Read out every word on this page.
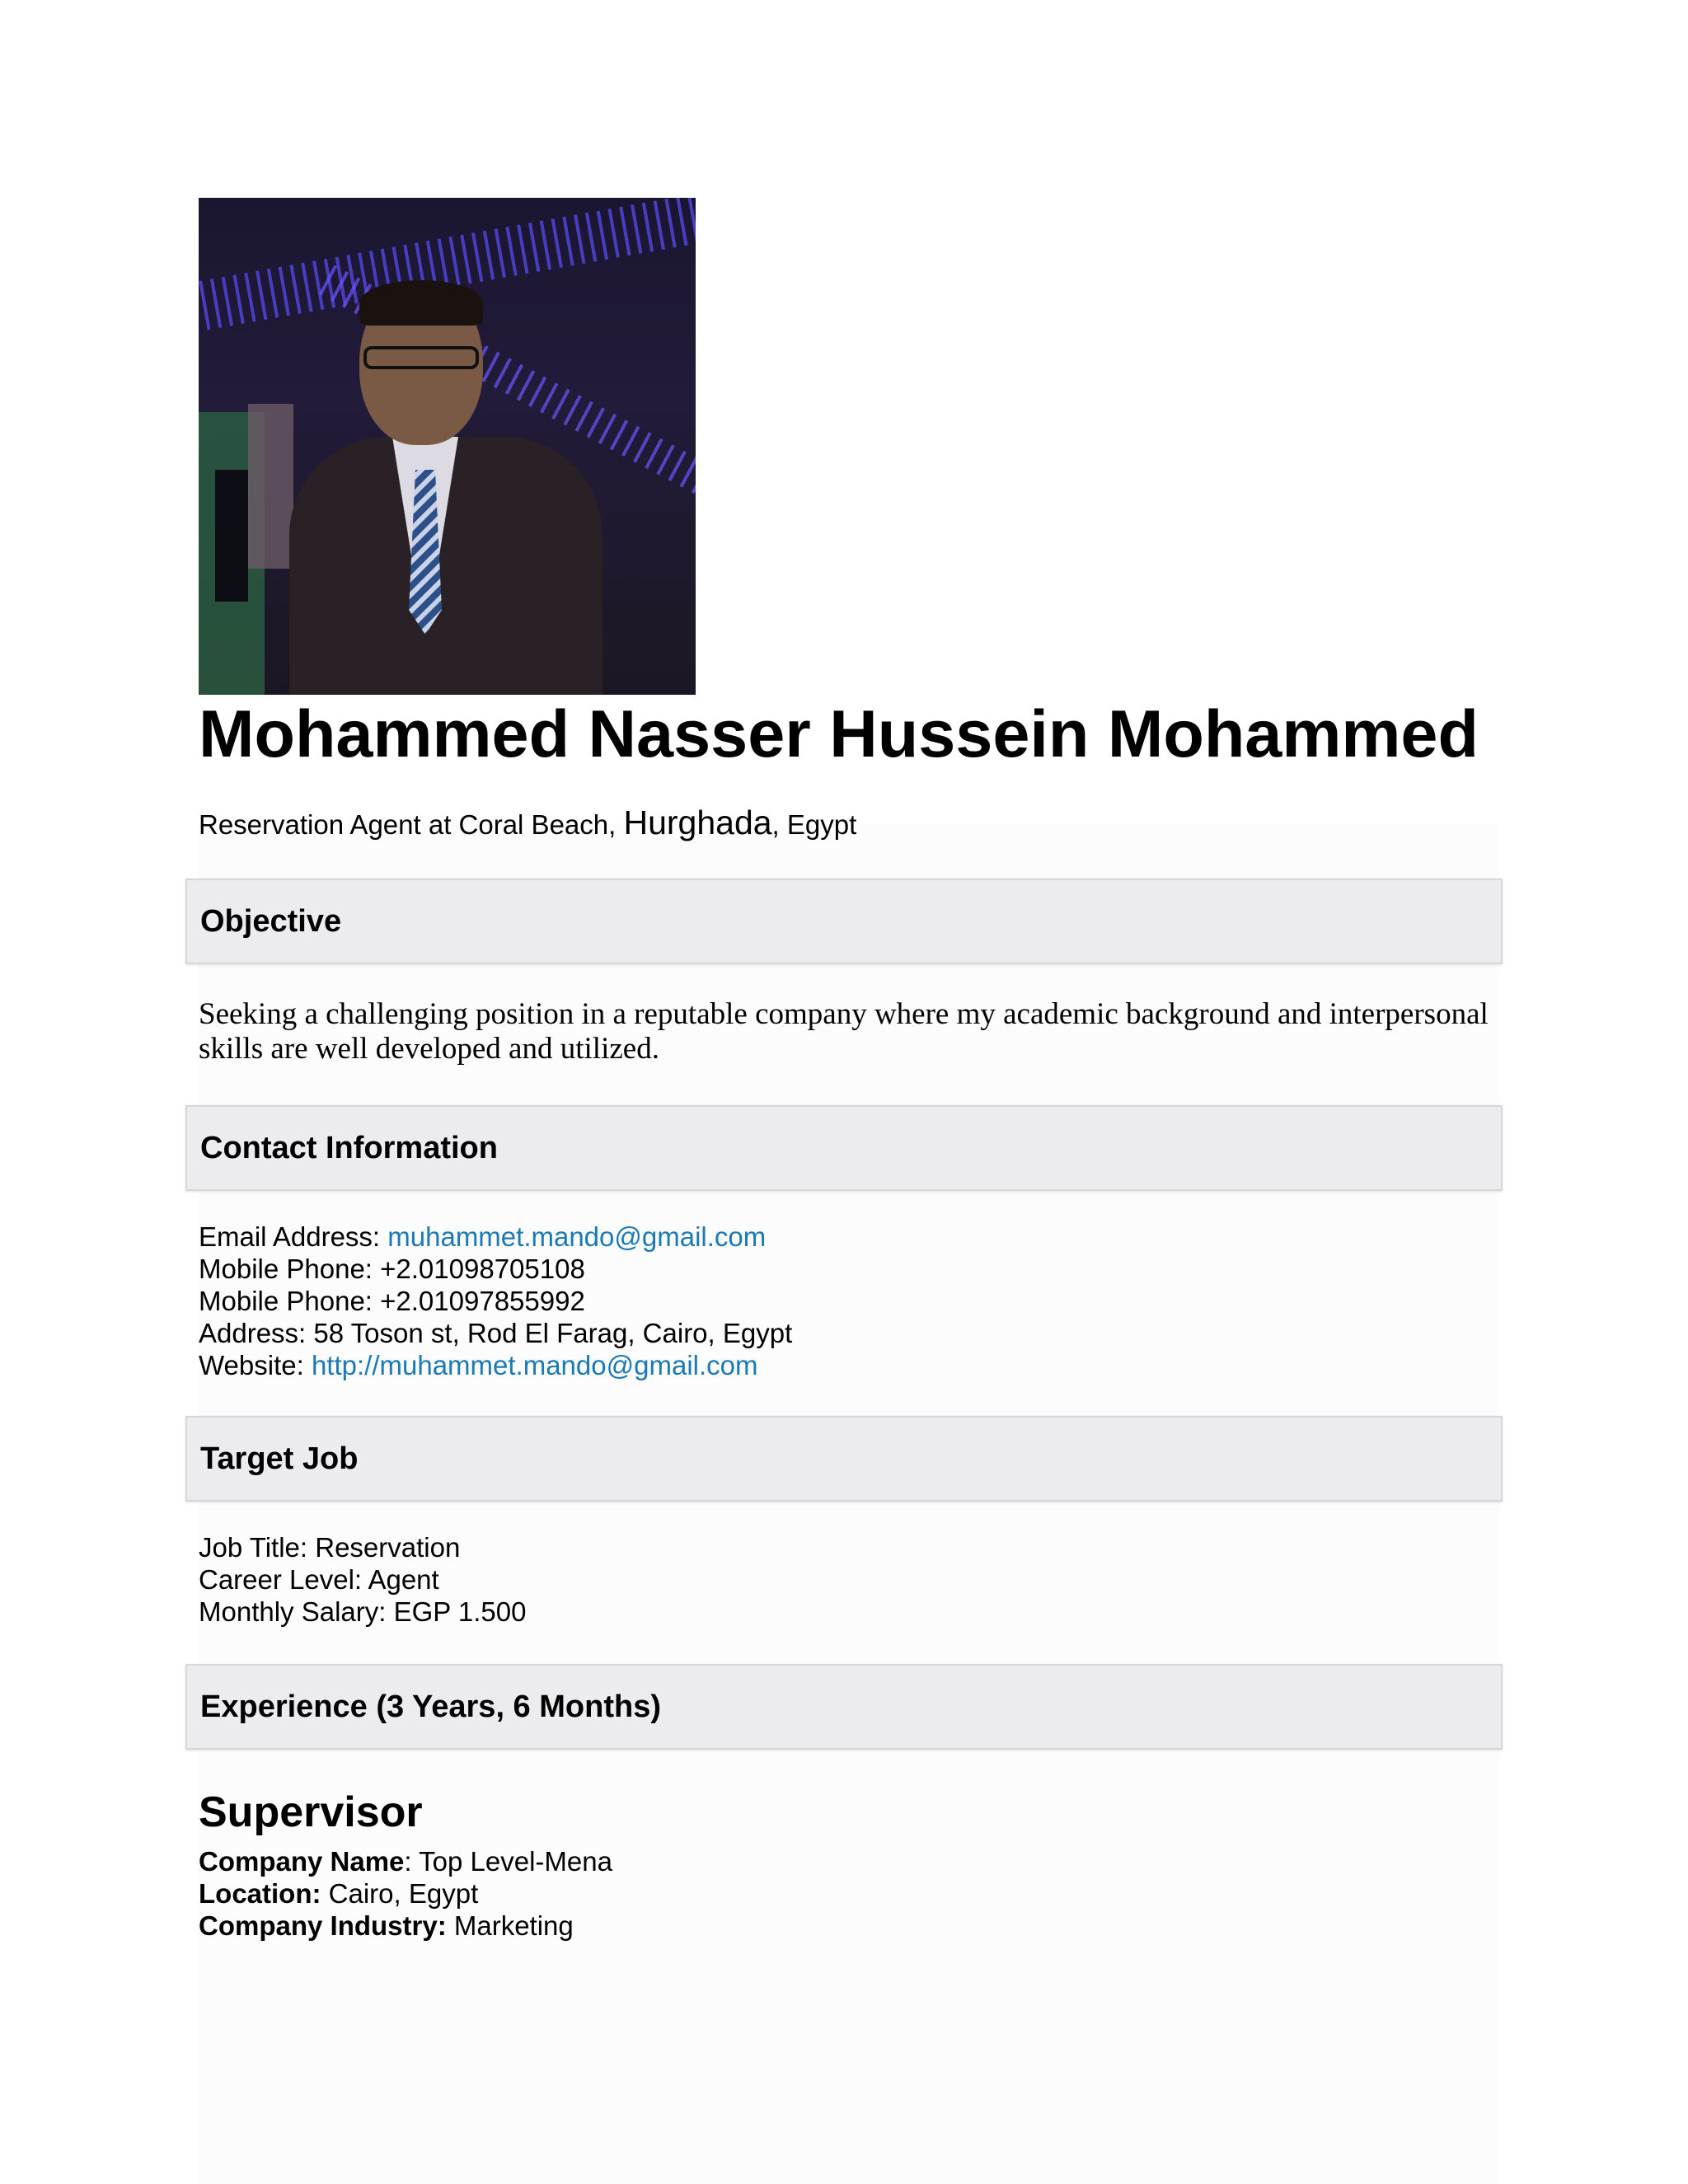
Mohammed Nasser Hussein Mohammed
Reservation Agent at Coral Beach, Hurghada, Egypt
Objective
Seeking a challenging position in a reputable company where my academic background and interpersonal skills are well developed and utilized.
Contact Information
Email Address: muhammet.mando@gmail.com
Mobile Phone: +2.01098705108
Mobile Phone: +2.01097855992
Address: 58 Toson st, Rod El Farag, Cairo, Egypt
Website: http://muhammet.mando@gmail.com
Target Job
Job Title: Reservation
Career Level: Agent
Monthly Salary: EGP 1.500
Experience (3 Years, 6 Months)
Supervisor
Company Name: Top Level-Mena
Location: Cairo, Egypt
Company Industry: Marketing
